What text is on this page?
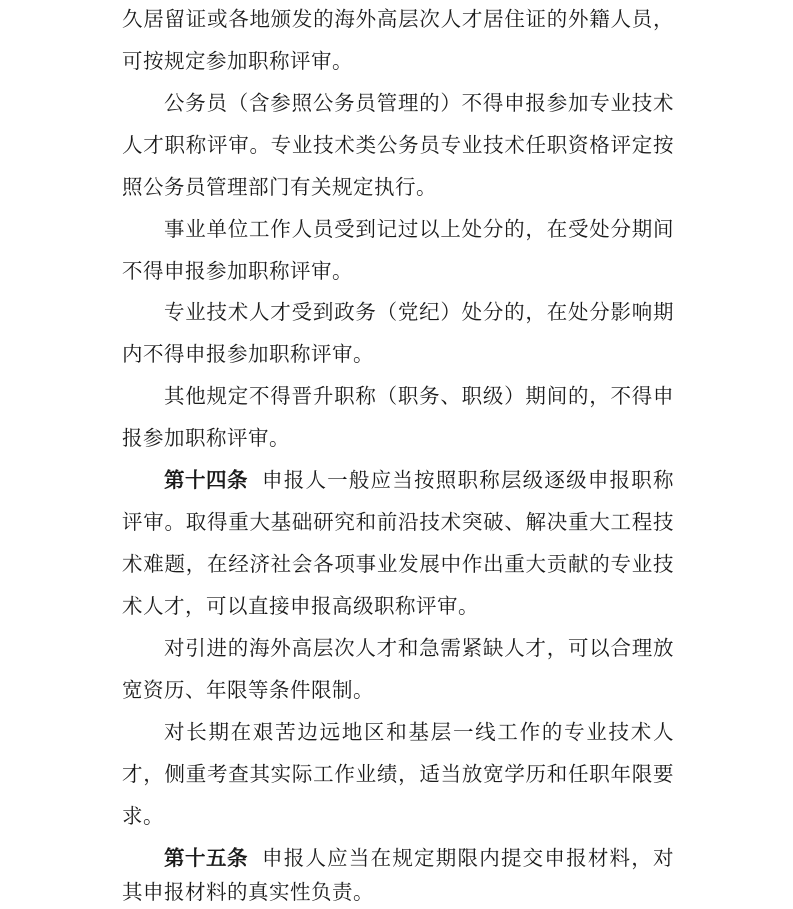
久居留证或各地颁发的海外高层次人才居住证的外籍人员，
可按规定参加职称评审。
公务员（含参照公务员管理的）不得申报参加专业技术
人才职称评审。专业技术类公务员专业技术任职资格评定按
照公务员管理部门有关规定执行。
事业单位工作人员受到记过以上处分的，在受处分期间
不得申报参加职称评审。
专业技术人才受到政务（党纪）处分的，在处分影响期
内不得申报参加职称评审。
其他规定不得晋升职称（职务、职级）期间的，不得申
报参加职称评审。
第十四条 申报人一般应当按照职称层级逐级申报职称
评审。取得重大基础研究和前沿技术突破、解决重大工程技
术难题，在经济社会各项事业发展中作出重大贡献的专业技
术人才，可以直接申报高级职称评审。
对引进的海外高层次人才和急需紧缺人才，可以合理放
宽资历、年限等条件限制。
对长期在艰苦边远地区和基层一线工作的专业技术人
才，侧重考查其实际工作业绩，适当放宽学历和任职年限要
求。
第十五条 申报人应当在规定期限内提交申报材料，对
其申报材料的真实性负责。
